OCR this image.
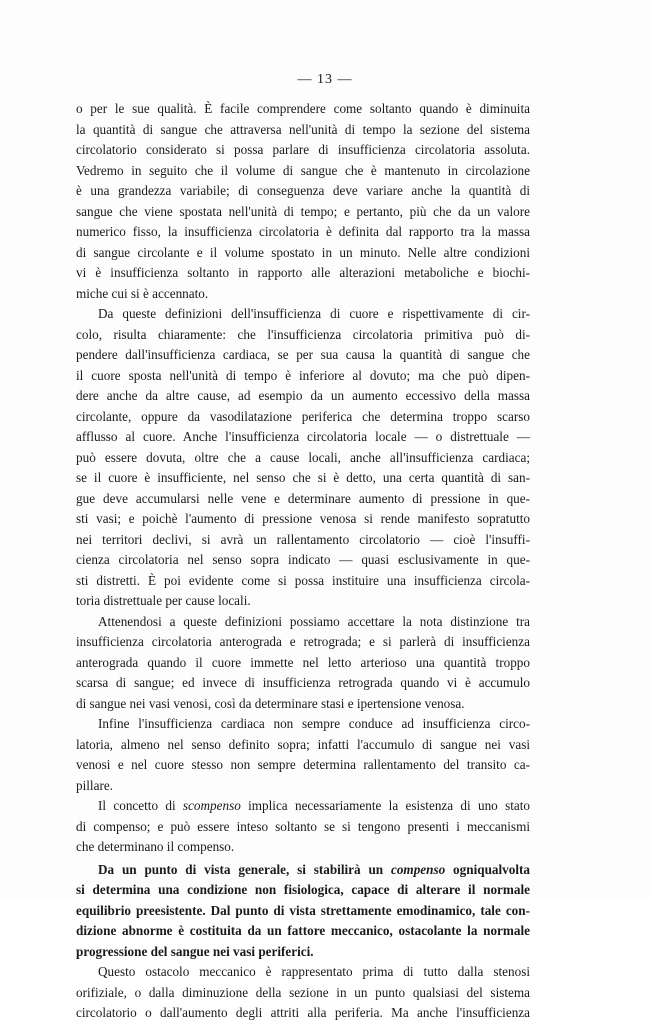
— 13 —
o per le sue qualità. È facile comprendere come soltanto quando è diminuita
la quantità di sangue che attraversa nell'unità di tempo la sezione del sistema
circolatorio considerato si possa parlare di insufficienza circolatoria assoluta.
Vedremo in seguito che il volume di sangue che è mantenuto in circolazione
è una grandezza variabile; di conseguenza deve variare anche la quantità di
sangue che viene spostata nell'unità di tempo; e pertanto, più che da un valore
numerico fisso, la insufficienza circolatoria è definita dal rapporto tra la massa
di sangue circolante e il volume spostato in un minuto. Nelle altre condizioni
vi è insufficienza soltanto in rapporto alle alterazioni metaboliche e biochi-
miche cui si è accennato.
Da queste definizioni dell'insufficienza di cuore e rispettivamente di cir-
colo, risulta chiaramente: che l'insufficienza circolatoria primitiva può di-
pendere dall'insufficienza cardiaca, se per sua causa la quantità di sangue che
il cuore sposta nell'unità di tempo è inferiore al dovuto; ma che può dipen-
dere anche da altre cause, ad esempio da un aumento eccessivo della massa
circolante, oppure da vasodilatazione periferica che determina troppo scarso
afflusso al cuore. Anche l'insufficienza circolatoria locale — o distrettuale —
può essere dovuta, oltre che a cause locali, anche all'insufficienza cardiaca;
se il cuore è insufficiente, nel senso che si è detto, una certa quantità di san-
gue deve accumularsi nelle vene e determinare aumento di pressione in que-
sti vasi; e poichè l'aumento di pressione venosa si rende manifesto sopratutto
nei territori declivi, si avrà un rallentamento circolatorio — cioè l'insuffi-
cienza circolatoria nel senso sopra indicato — quasi esclusivamente in que-
sti distretti. È poi evidente come si possa instituire una insufficienza circola-
toria distrettuale per cause locali.
Attenendosi a queste definizioni possiamo accettare la nota distinzione tra
insufficienza circolatoria anterograda e retrograda; e si parlerà di insufficienza
anterograda quando il cuore immette nel letto arterioso una quantità troppo
scarsa di sangue; ed invece di insufficienza retrograda quando vi è accumulo
di sangue nei vasi venosi, così da determinare stasi e ipertensione venosa.
Infine l'insufficienza cardiaca non sempre conduce ad insufficienza circo-
latoria, almeno nel senso definito sopra; infatti l'accumulo di sangue nei vasi
venosi e nel cuore stesso non sempre determina rallentamento del transito ca-
pillare.
Il concetto di scompenso implica necessariamente la esistenza di uno stato
di compenso; e può essere inteso soltanto se si tengono presenti i meccanismi
che determinano il compenso.
Da un punto di vista generale, si stabilirà un compenso ogniqualvolta
si determina una condizione non fisiologica, capace di alterare il normale
equilibrio preesistente. Dal punto di vista strettamente emodinamico, tale con-
dizione abnorme è costituita da un fattore meccanico, ostacolante la normale
progressione del sangue nei vasi periferici.
Questo ostacolo meccanico è rappresentato prima di tutto dalla stenosi
orifiziale, o dalla diminuzione della sezione in un punto qualsiasi del sistema
circolatorio o dall'aumento degli attriti alla periferia. Ma anche l'insufficienza
